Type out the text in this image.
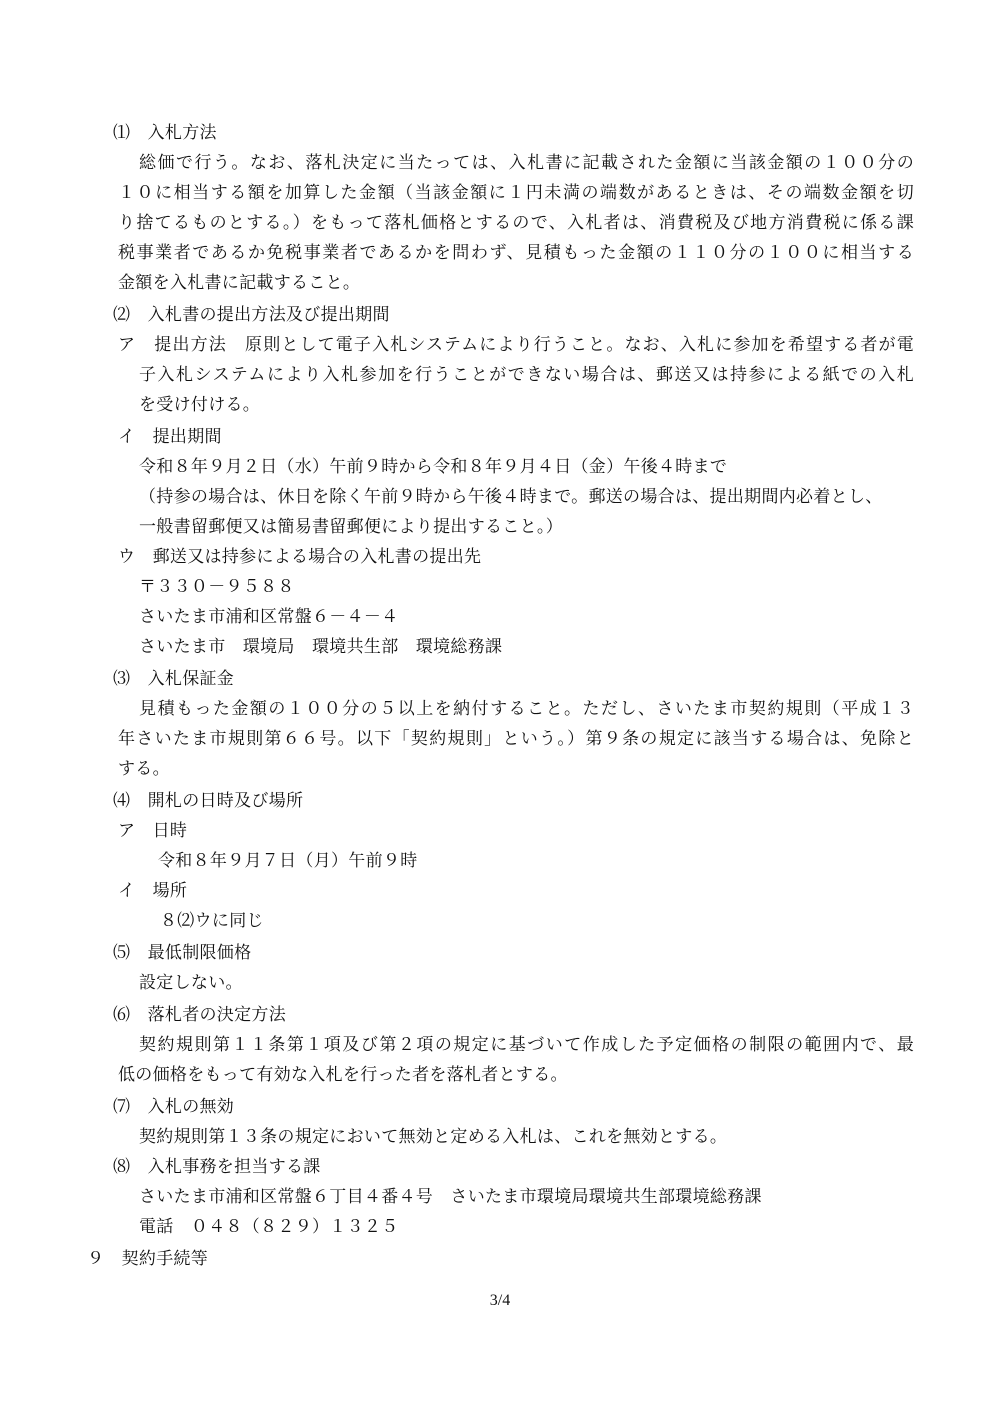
⑴　入札方法
総価で行う。なお、落札決定に当たっては、入札書に記載された金額に当該金額の１００分の
１０に相当する額を加算した金額（当該金額に１円未満の端数があるときは、その端数金額を切
り捨てるものとする。）をもって落札価格とするので、入札者は、消費税及び地方消費税に係る課
税事業者であるか免税事業者であるかを問わず、見積もった金額の１１０分の１００に相当する
金額を入札書に記載すること。
⑵　入札書の提出方法及び提出期間
ア　提出方法　原則として電子入札システムにより行うこと。なお、入札に参加を希望する者が電
子入札システムにより入札参加を行うことができない場合は、郵送又は持参による紙での入札
を受け付ける。
イ　提出期間
令和８年９月２日（水）午前９時から令和８年９月４日（金）午後４時まで
（持参の場合は、休日を除く午前９時から午後４時まで。郵送の場合は、提出期間内必着とし、
一般書留郵便又は簡易書留郵便により提出すること。）
ウ　郵送又は持参による場合の入札書の提出先
〒３３０－９５８８
さいたま市浦和区常盤６－４－４
さいたま市　環境局　環境共生部　環境総務課
⑶　入札保証金
見積もった金額の１００分の５以上を納付すること。ただし、さいたま市契約規則（平成１３
年さいたま市規則第６６号。以下「契約規則」という。）第９条の規定に該当する場合は、免除と
する。
⑷　開札の日時及び場所
ア　日時
令和８年９月７日（月）午前９時
イ　場所
８⑵ウに同じ
⑸　最低制限価格
設定しない。
⑹　落札者の決定方法
契約規則第１１条第１項及び第２項の規定に基づいて作成した予定価格の制限の範囲内で、最
低の価格をもって有効な入札を行った者を落札者とする。
⑺　入札の無効
契約規則第１３条の規定において無効と定める入札は、これを無効とする。
⑻　入札事務を担当する課
さいたま市浦和区常盤６丁目４番４号　さいたま市環境局環境共生部環境総務課
電話　０４８（８２９）１３２５
９　契約手続等
3/4
